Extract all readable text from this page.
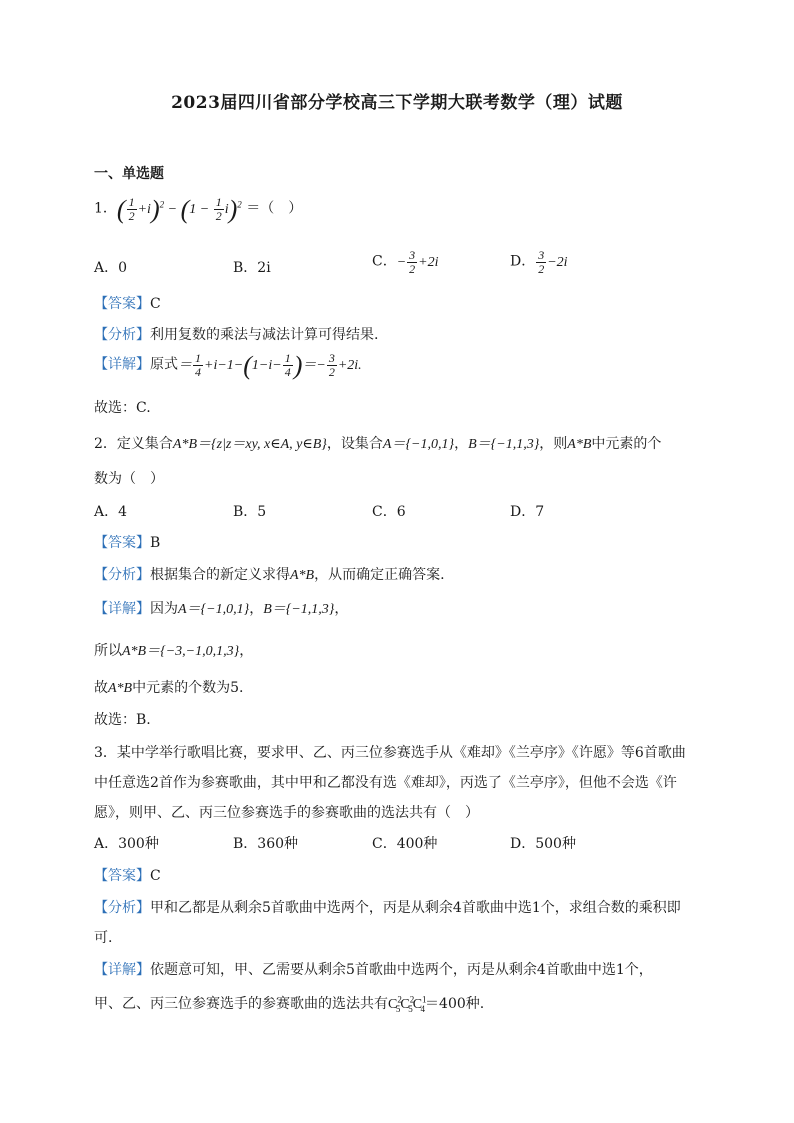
2023届四川省部分学校高三下学期大联考数学（理）试题
一、单选题
1．( $\frac{1}{2} +i)^2 - (1 - \frac{1}{2} i)^2$ ＝（　）
A．0	B．2i	C．− $\frac{3}{2} +2i$	D． $\frac{3}{2} -2i$
【答案】C
【分析】利用复数的乘法与减法计算可得结果.
【详解】原式＝ $\frac{1}{4} +i-1-(1-i- \frac{1}{4}$ )＝− $\frac{3}{2} +2i$.
故选：C.
2．定义集合A*B＝{z|z＝xy, x∈A, y∈B}，设集合A＝{−1,0,1}，B＝{−1,1,3}，则A*B中元素的个
数为（　）
A．4	B．5	C．6	D．7
【答案】B
【分析】根据集合的新定义求得A*B，从而确定正确答案.
【详解】因为A＝{−1,0,1}，B＝{−1,1,3}，
所以A*B＝{−3,−1,0,1,3}，
故A*B中元素的个数为5.
故选：B.
3．某中学举行歌唱比赛，要求甲、乙、丙三位参赛选手从《难却》《兰亭序》《许愿》等6首歌曲
中任意选2首作为参赛歌曲，其中甲和乙都没有选《难却》，丙选了《兰亭序》，但他不会选《许
愿》，则甲、乙、丙三位参赛选手的参赛歌曲的选法共有（　）
A．300种	B．360种	C．400种	D．500种
【答案】C
【分析】甲和乙都是从剩余5首歌曲中选两个，丙是从剩余4首歌曲中选1个，求组合数的乘积即
可.
【详解】依题意可知，甲、乙需要从剩余5首歌曲中选两个，丙是从剩余4首歌曲中选1个，
甲、乙、丙三位参赛选手的参赛歌曲的选法共有$C^2_5C^2_5C^1_4=400$种.
